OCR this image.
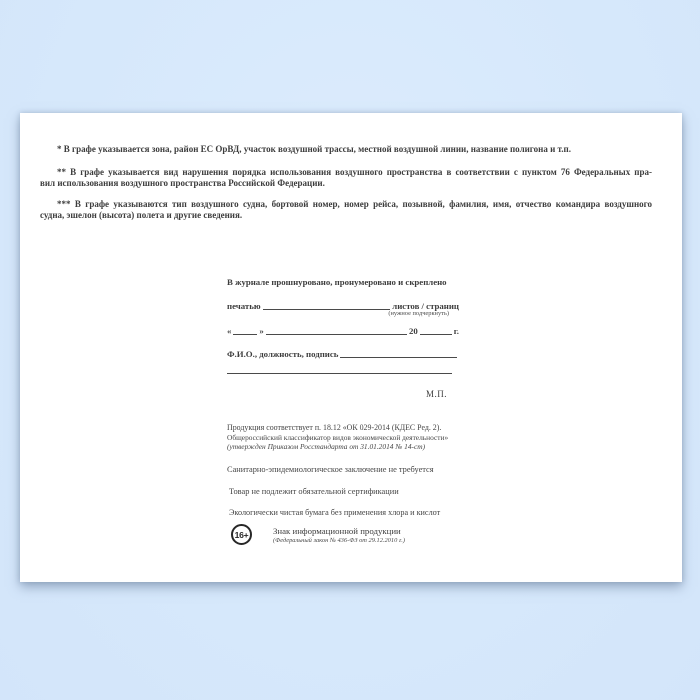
* В графе указывается зона, район ЕС ОрВД, участок воздушной трассы, местной воздушной линии, название полигона и т.п.
** В графе указывается вид нарушения порядка использования воздушного пространства в соответствии с пунктом 76 Федеральных пра-
вил использования воздушного пространства Российской Федерации.
*** В графе указываются тип воздушного судна, бортовой номер, номер рейса, позывной, фамилия, имя, отчество командира воздушного
судна, эшелон (высота) полета и другие сведения.
В журнале прошнуровано, пронумеровано и скреплено
печатью	листов / страниц
(нужное подчеркнуть)
«	»	20	г.
Ф.И.О., должность, подпись
М.П.
Продукция соответствует п. 18.12 «ОК 029-2014 (КДЕС Ред. 2).
Общероссийский классификатор видов экономической деятельности»
(утвержден Приказом Росстандарта от 31.01.2014 № 14-ст)
Санитарно-эпидемиологическое заключение не требуется
Товар не подлежит обязательной сертификации
Экологически чистая бумага без применения хлора и кислот
16+	Знак информационной продукции
(Федеральный закон № 436-ФЗ от 29.12.2010 г.)
